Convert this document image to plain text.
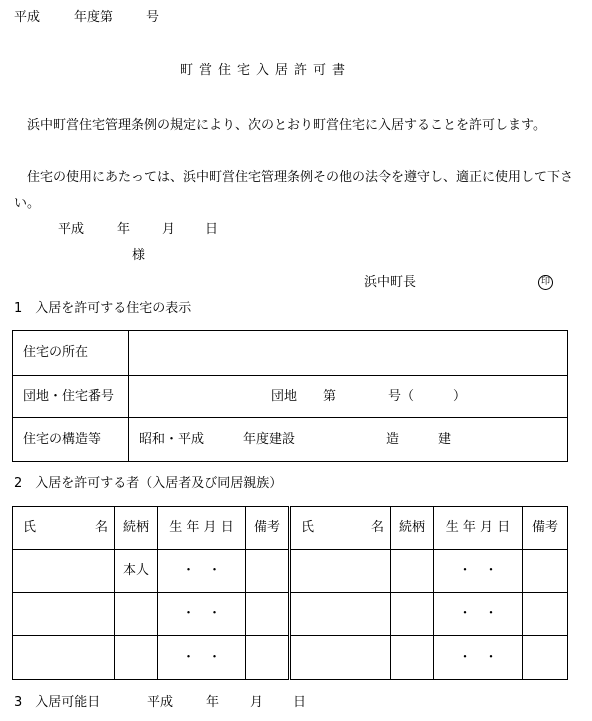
平成	年度第	号
町営住宅入居許可書
　浜中町営住宅管理条例の規定により、次のとおり町営住宅に入居することを許可します。
　住宅の使用にあたっては、浜中町営住宅管理条例その他の法令を遵守し、適正に使用して下さい。
平成	年 月 日
様
浜中町長	印
1　入居を許可する住宅の表示
住宅の所在	
団地・住宅番号	団地　　第　　　　号（　　　）
住宅の構造等	昭和・平成　　　年度建設　　　　　　　造　　　建
2　入居を許可する者（入居者及び同居親族）
氏 名	続柄	生 年 月 日	備考	氏 名	続柄	生 年 月 日	備考
	本人	・　・				・　・	
		・　・				・　・	
		・　・				・　・	
3　入居可能日	平成	年 月 日
